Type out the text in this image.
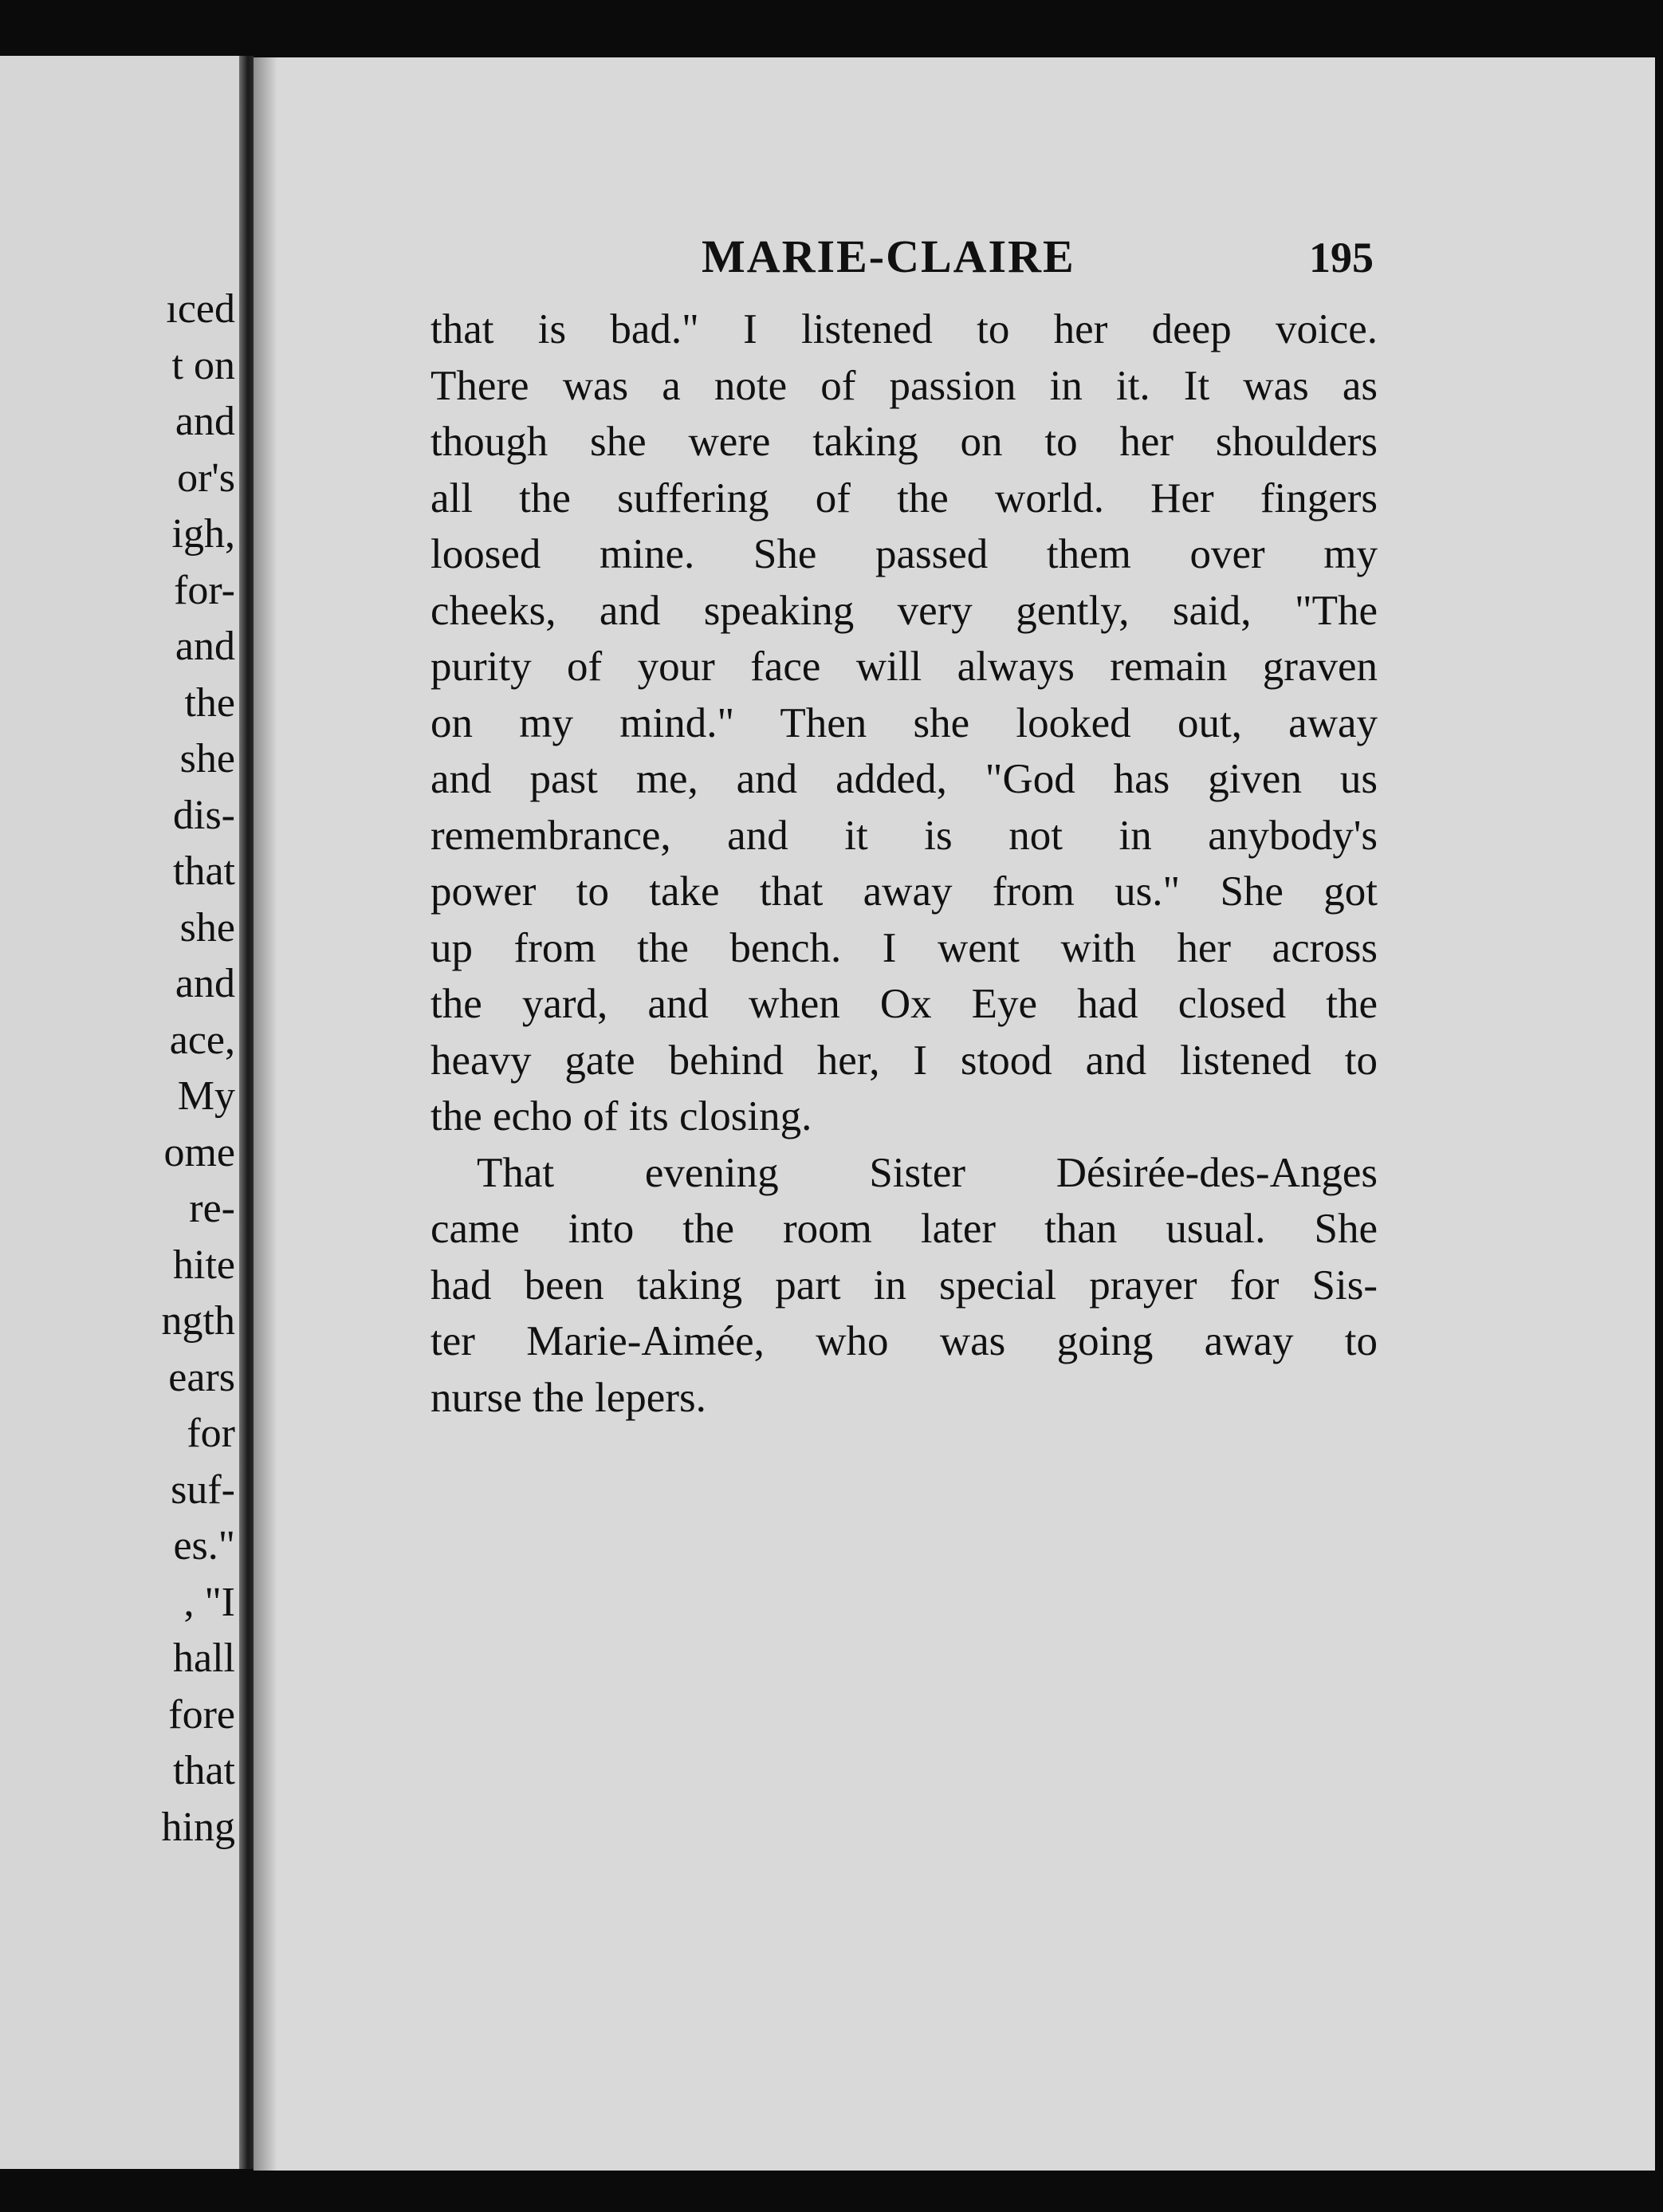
ıced
t on
and
or's
igh,
for-
and
the
she
dis-
that
she
and
ace,
My
ome
re-
hite
ngth
ears
for
suf-
es."
, "I
hall
fore
that
hing
MARIE-CLAIRE	195
that is bad." I listened to her deep voice.
There was a note of passion in it. It was as
though she were taking on to her shoulders
all the suffering of the world. Her fingers
loosed mine. She passed them over my
cheeks, and speaking very gently, said, "The
purity of your face will always remain graven
on my mind." Then she looked out, away
and past me, and added, "God has given us
remembrance, and it is not in anybody's
power to take that away from us." She got
up from the bench. I went with her across
the yard, and when Ox Eye had closed the
heavy gate behind her, I stood and listened to
the echo of its closing.
That evening Sister Désirée-des-Anges
came into the room later than usual. She
had been taking part in special prayer for Sis-
ter Marie-Aimée, who was going away to
nurse the lepers.
